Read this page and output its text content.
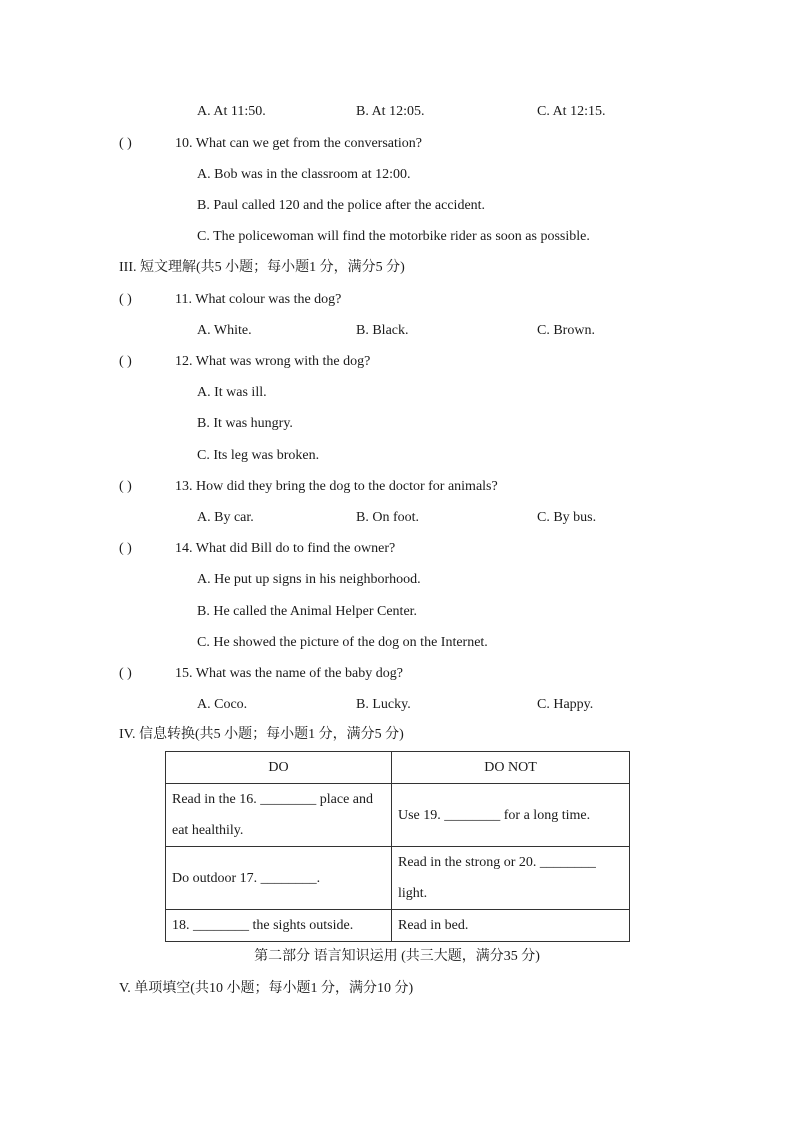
A. At 11:50.	B. At 12:05.	C. At 12:15.
( )	10. What can we get from the conversation?
A. Bob was in the classroom at 12:00.
B. Paul called 120 and the police after the accident.
C. The policewoman will find the motorbike rider as soon as possible.
III. 短文理解(共5 小题；每小题1 分，满分5 分)
( )	11. What colour was the dog?
A. White.	B. Black.	C. Brown.
( )	12. What was wrong with the dog?
A. It was ill.
B. It was hungry.
C. Its leg was broken.
( )	13. How did they bring the dog to the doctor for animals?
A. By car.	B. On foot.	C. By bus.
( )	14. What did Bill do to find the owner?
A. He put up signs in his neighborhood.
B. He called the Animal Helper Center.
C. He showed the picture of the dog on the Internet.
( )	15. What was the name of the baby dog?
A. Coco.	B. Lucky.	C. Happy.
IV. 信息转换(共5 小题；每小题1 分，满分5 分)
DO	DO NOT
Read in the 16. ________ place and eat healthily.	Use 19. ________ for a long time.
Do outdoor 17. ________.	Read in the strong or 20. ________ light.
18. ________ the sights outside.	Read in bed.
第二部分 语言知识运用 (共三大题，满分35 分)
V. 单项填空(共10 小题；每小题1 分，满分10 分)
